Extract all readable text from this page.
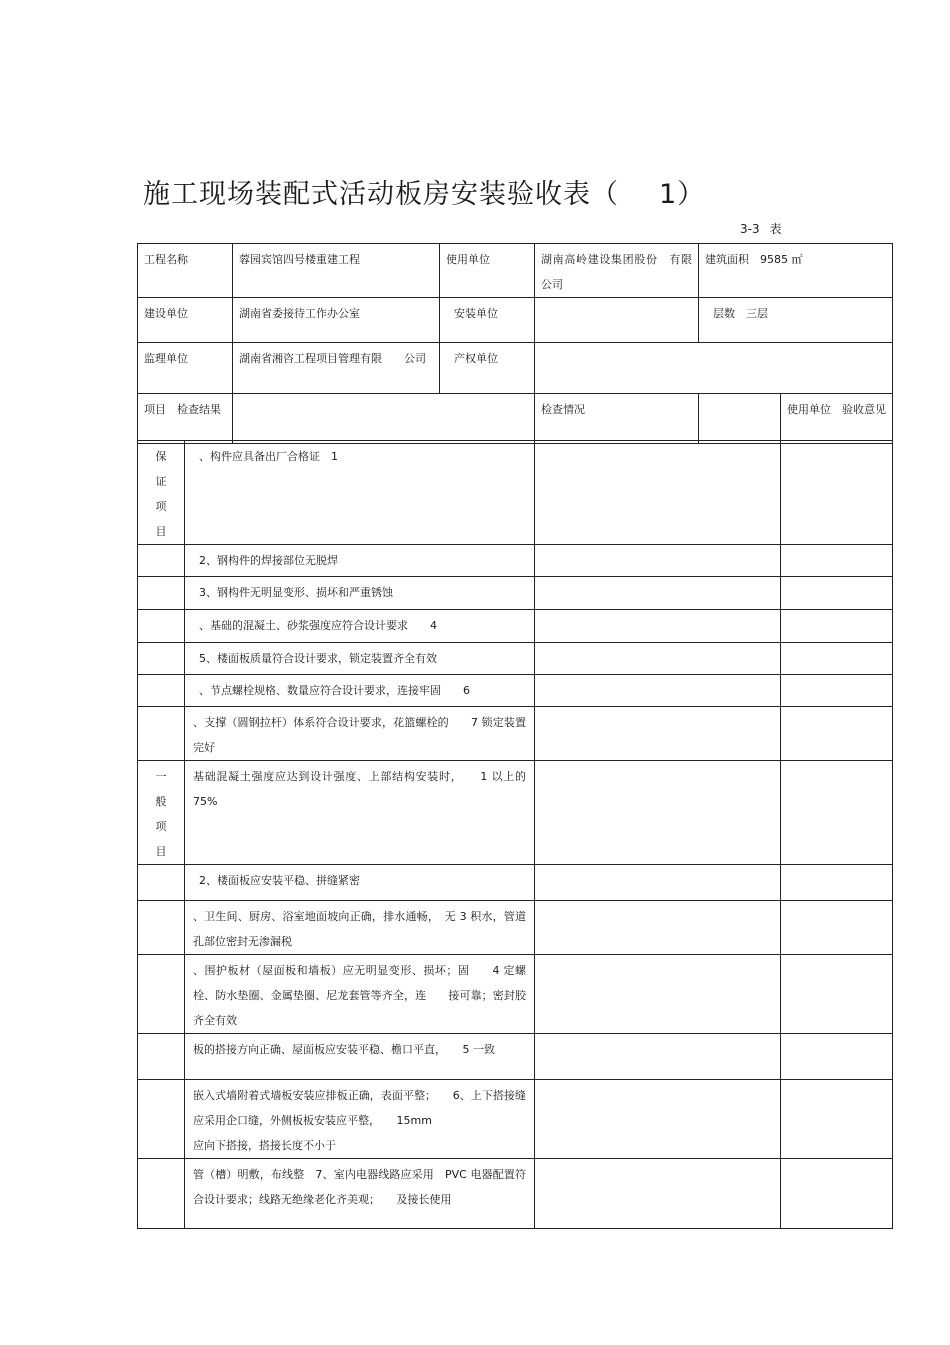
施工现场装配式活动板房安装验收表（ 1）
3-3 表
工程名称	蓉园宾馆四号楼重建工程	使用单位	湖南高岭建设集团股份　有限公司	建筑面积　9585 ㎡
建设单位	湖南省委接待工作办公室	安装单位		层数　三层
监理单位	湖南省湘咨工程项目管理有限　　公司	产权单位		
项目　检查结果			检查情况	使用单位　验收意见
保
证
项
目	、构件应具备出厂合格证　1		
	2、钢构件的焊接部位无脱焊		
	3、钢构件无明显变形、损坏和严重锈蚀		
	、基础的混凝土、砂浆强度应符合设计要求　　4		
	5、楼面板质量符合设计要求，锁定装置齐全有效		
	、节点螺栓规格、数量应符合设计要求，连接牢固　　6		
	、支撑（圆钢拉杆）体系符合设计要求，花篮螺栓的　　7 锁定装置完好		

一
般
项
目	基础混凝土强度应达到设计强度、上部结构安装时，　　1 以上的 75%		
	2、楼面板应安装平稳、拼缝紧密		
	、卫生间、厨房、浴室地面坡向正确，排水通畅，　无 3 积水，管道孔部位密封无渗漏税		
	、围护板材（屋面板和墙板）应无明显变形、损坏；固　　4 定螺栓、防水垫圈、金属垫圈、尼龙套管等齐全，连　　接可靠；密封胶齐全有效		
	板的搭接方向正确、屋面板应安装平稳、檐口平直，　　5 一致		

	嵌入式墙附着式墙板安装应排板正确，表面平整；　　6、上下搭接缝应采用企口缝，外侧板板安装应平整，　　15mm
应向下搭接，搭接长度不小于		

	管（槽）明敷，布线整　7、室内电器线路应采用　PVC 电器配置符合设计要求；线路无绝缘老化齐美观；　　及接长使用		
